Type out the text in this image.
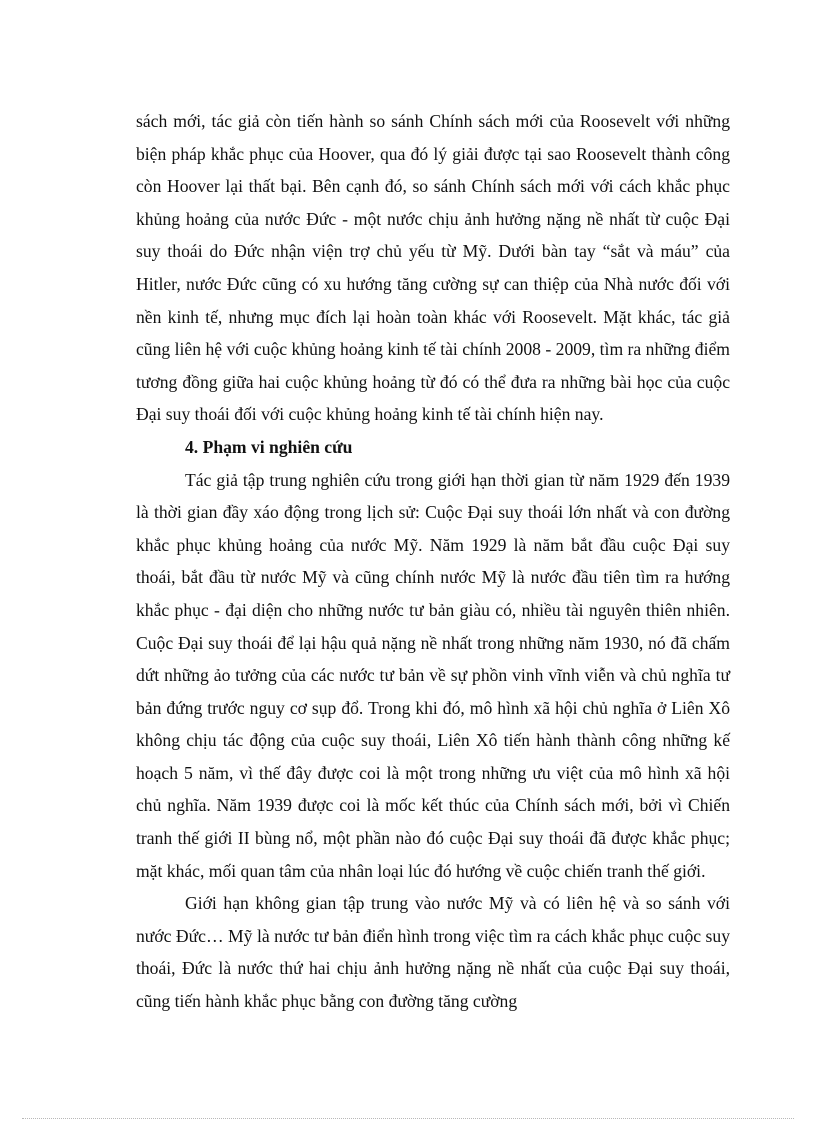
sách mới, tác giả còn tiến hành so sánh Chính sách mới của Roosevelt với những biện pháp khắc phục của Hoover, qua đó lý giải được tại sao Roosevelt thành công còn Hoover lại thất bại. Bên cạnh đó, so sánh Chính sách mới với cách khắc phục khủng hoảng của nước Đức - một nước chịu ảnh hưởng nặng nề nhất từ cuộc Đại suy thoái do Đức nhận viện trợ chủ yếu từ Mỹ. Dưới bàn tay “sắt và máu” của Hitler, nước Đức cũng có xu hướng tăng cường sự can thiệp của Nhà nước đối với nền kinh tế, nhưng mục đích lại hoàn toàn khác với Roosevelt. Mặt khác, tác giả cũng liên hệ với cuộc khủng hoảng kinh tế tài chính 2008 - 2009, tìm ra những điểm tương đồng giữa hai cuộc khủng hoảng từ đó có thể đưa ra những bài học của cuộc Đại suy thoái đối với cuộc khủng hoảng kinh tế tài chính hiện nay.

4. Phạm vi nghiên cứu

Tác giả tập trung nghiên cứu trong giới hạn thời gian từ năm 1929 đến 1939 là thời gian đầy xáo động trong lịch sử: Cuộc Đại suy thoái lớn nhất và con đường khắc phục khủng hoảng của nước Mỹ. Năm 1929 là năm bắt đầu cuộc Đại suy thoái, bắt đầu từ nước Mỹ và cũng chính nước Mỹ là nước đầu tiên tìm ra hướng khắc phục - đại diện cho những nước tư bản giàu có, nhiều tài nguyên thiên nhiên. Cuộc Đại suy thoái để lại hậu quả nặng nề nhất trong những năm 1930, nó đã chấm dứt những ảo tưởng của các nước tư bản về sự phồn vinh vĩnh viễn và chủ nghĩa tư bản đứng trước nguy cơ sụp đổ. Trong khi đó, mô hình xã hội chủ nghĩa ở Liên Xô không chịu tác động của cuộc suy thoái, Liên Xô tiến hành thành công những kế hoạch 5 năm, vì thế đây được coi là một trong những ưu việt của mô hình xã hội chủ nghĩa. Năm 1939 được coi là mốc kết thúc của Chính sách mới, bởi vì Chiến tranh thế giới II bùng nổ, một phần nào đó cuộc Đại suy thoái đã được khắc phục; mặt khác, mối quan tâm của nhân loại lúc đó hướng về cuộc chiến tranh thế giới.

Giới hạn không gian tập trung vào nước Mỹ và có liên hệ và so sánh với nước Đức… Mỹ là nước tư bản điển hình trong việc tìm ra cách khắc phục cuộc suy thoái, Đức là nước thứ hai chịu ảnh hưởng nặng nề nhất của cuộc Đại suy thoái, cũng tiến hành khắc phục bằng con đường tăng cường
